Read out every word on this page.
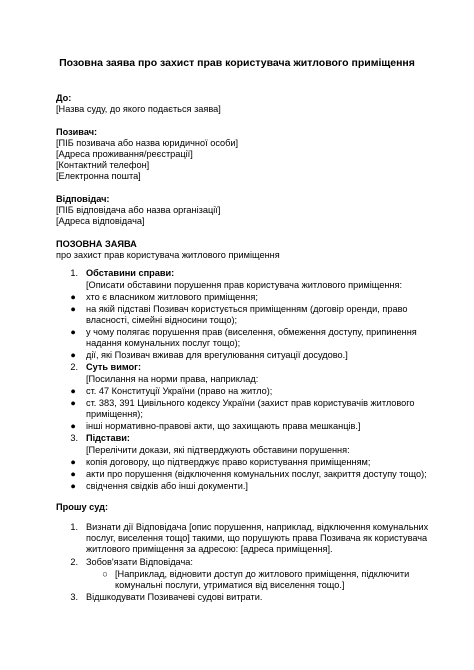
Позовна заява про захист прав користувача житлового приміщення
До:
[Назва суду, до якого подається заява]
Позивач:
[ПІБ позивача або назва юридичної особи]
[Адреса проживання/реєстрації]
[Контактний телефон]
[Електронна пошта]
Відповідач:
[ПІБ відповідача або назва організації]
[Адреса відповідача]
ПОЗОВНА ЗАЯВА
про захист прав користувача житлового приміщення
1. Обставини справи:
[Описати обставини порушення прав користувача житлового приміщення:
● хто є власником житлового приміщення;
● на якій підставі Позивач користується приміщенням (договір оренди, право
власності, сімейні відносини тощо);
● у чому полягає порушення прав (виселення, обмеження доступу, припинення
надання комунальних послуг тощо);
● дії, які Позивач вживав для врегулювання ситуації досудово.]
2. Суть вимог:
[Посилання на норми права, наприклад:
● ст. 47 Конституції України (право на житло);
● ст. 383, 391 Цивільного кодексу України (захист прав користувачів житлового
приміщення);
● інші нормативно-правові акти, що захищають права мешканців.]
3. Підстави:
[Перелічити докази, які підтверджують обставини порушення:
● копія договору, що підтверджує право користування приміщенням;
● акти про порушення (відключення комунальних послуг, закриття доступу тощо);
● свідчення свідків або інші документи.]
Прошу суд:
1. Визнати дії Відповідача [опис порушення, наприклад, відключення комунальних
послуг, виселення тощо] такими, що порушують права Позивача як користувача
житлового приміщення за адресою: [адреса приміщення].
2. Зобов'язати Відповідача:
○ [Наприклад, відновити доступ до житлового приміщення, підключити
комунальні послуги, утриматися від виселення тощо.]
3. Відшкодувати Позивачеві судові витрати.
